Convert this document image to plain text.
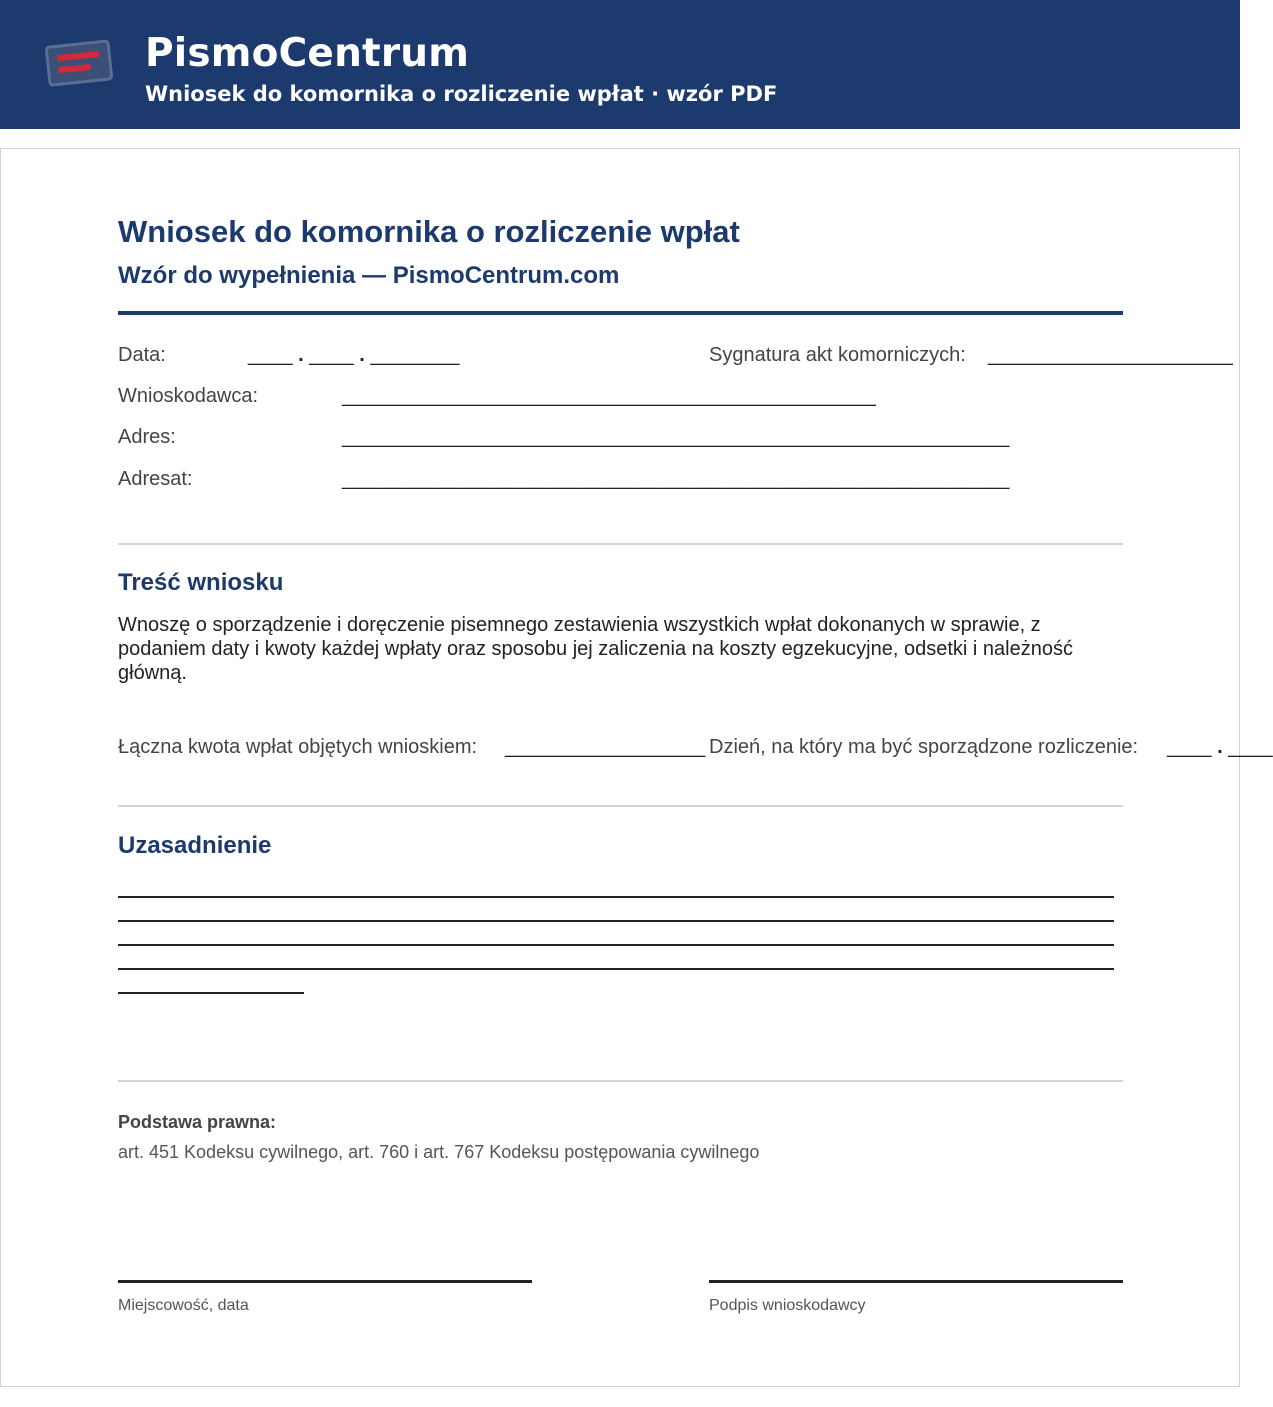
PismoCentrum
Wniosek do komornika o rozliczenie wpłat · wzór PDF
Wniosek do komornika o rozliczenie wpłat
Wzór do wypełnienia — PismoCentrum.com
Data:	____ . ____ . ________	Sygnatura akt komorniczych: ______________________
Wnioskodawca:	________________________________________________
Adres:	____________________________________________________________
Adresat:	____________________________________________________________
Treść wniosku
Wnoszę o sporządzenie i doręczenie pisemnego zestawienia wszystkich wpłat dokonanych w sprawie, z podaniem daty i kwoty każdej wpłaty oraz sposobu jej zaliczenia na koszty egzekucyjne, odsetki i należność główną.
Łączna kwota wpłat objętych wnioskiem: __________________ Dzień, na który ma być sporządzone rozliczenie: ____ . ____
Uzasadnienie
Podstawa prawna:
art. 451 Kodeksu cywilnego, art. 760 i art. 767 Kodeksu postępowania cywilnego
Miejscowość, data	Podpis wnioskodawcy
